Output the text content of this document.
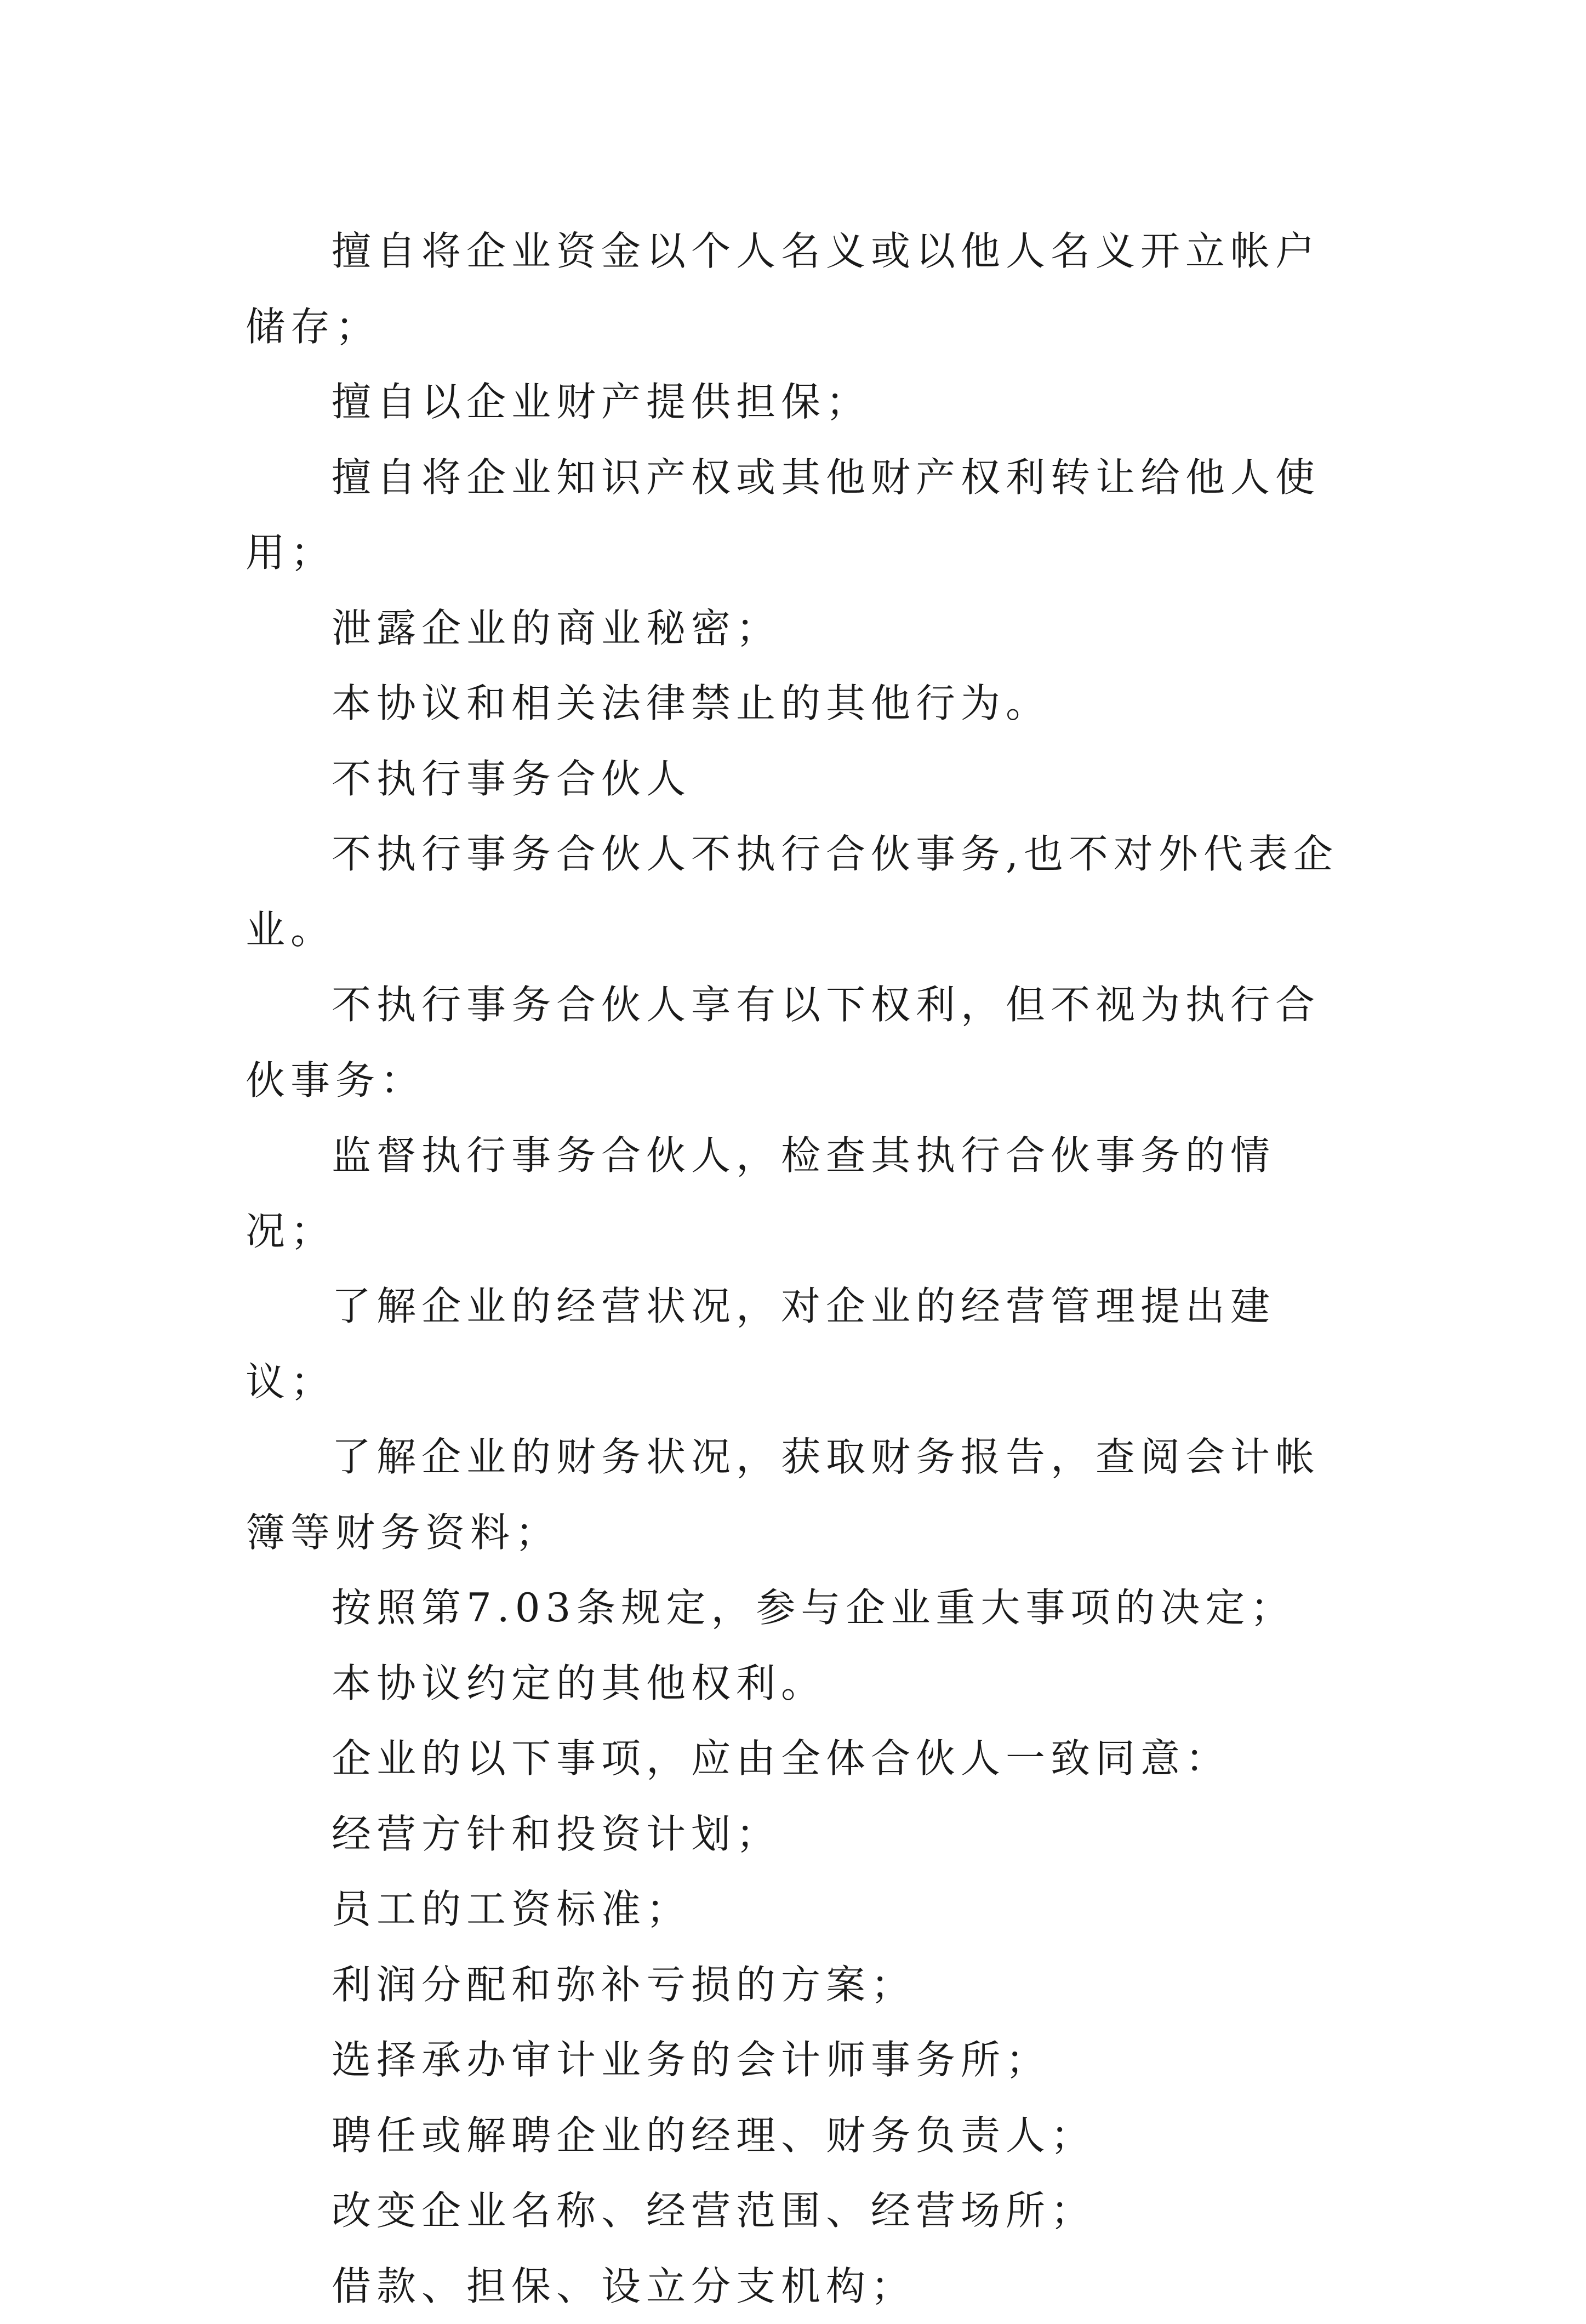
擅自将企业资金以个人名义或以他人名义开立帐户储存；

擅自以企业财产提供担保；

擅自将企业知识产权或其他财产权利转让给他人使用；

泄露企业的商业秘密；

本协议和相关法律禁止的其他行为。

不执行事务合伙人

不执行事务合伙人不执行合伙事务,也不对外代表企业。

不执行事务合伙人享有以下权利，但不视为执行合伙事务：

监督执行事务合伙人，检查其执行合伙事务的情况；

了解企业的经营状况，对企业的经营管理提出建议；

了解企业的财务状况，获取财务报告，查阅会计帐簿等财务资料；

按照第7.03条规定，参与企业重大事项的决定；

本协议约定的其他权利。

企业的以下事项，应由全体合伙人一致同意：

经营方针和投资计划；

员工的工资标准；

利润分配和弥补亏损的方案；

选择承办审计业务的会计师事务所；

聘任或解聘企业的经理、财务负责人；

改变企业名称、经营范围、经营场所；

借款、担保、设立分支机构；
